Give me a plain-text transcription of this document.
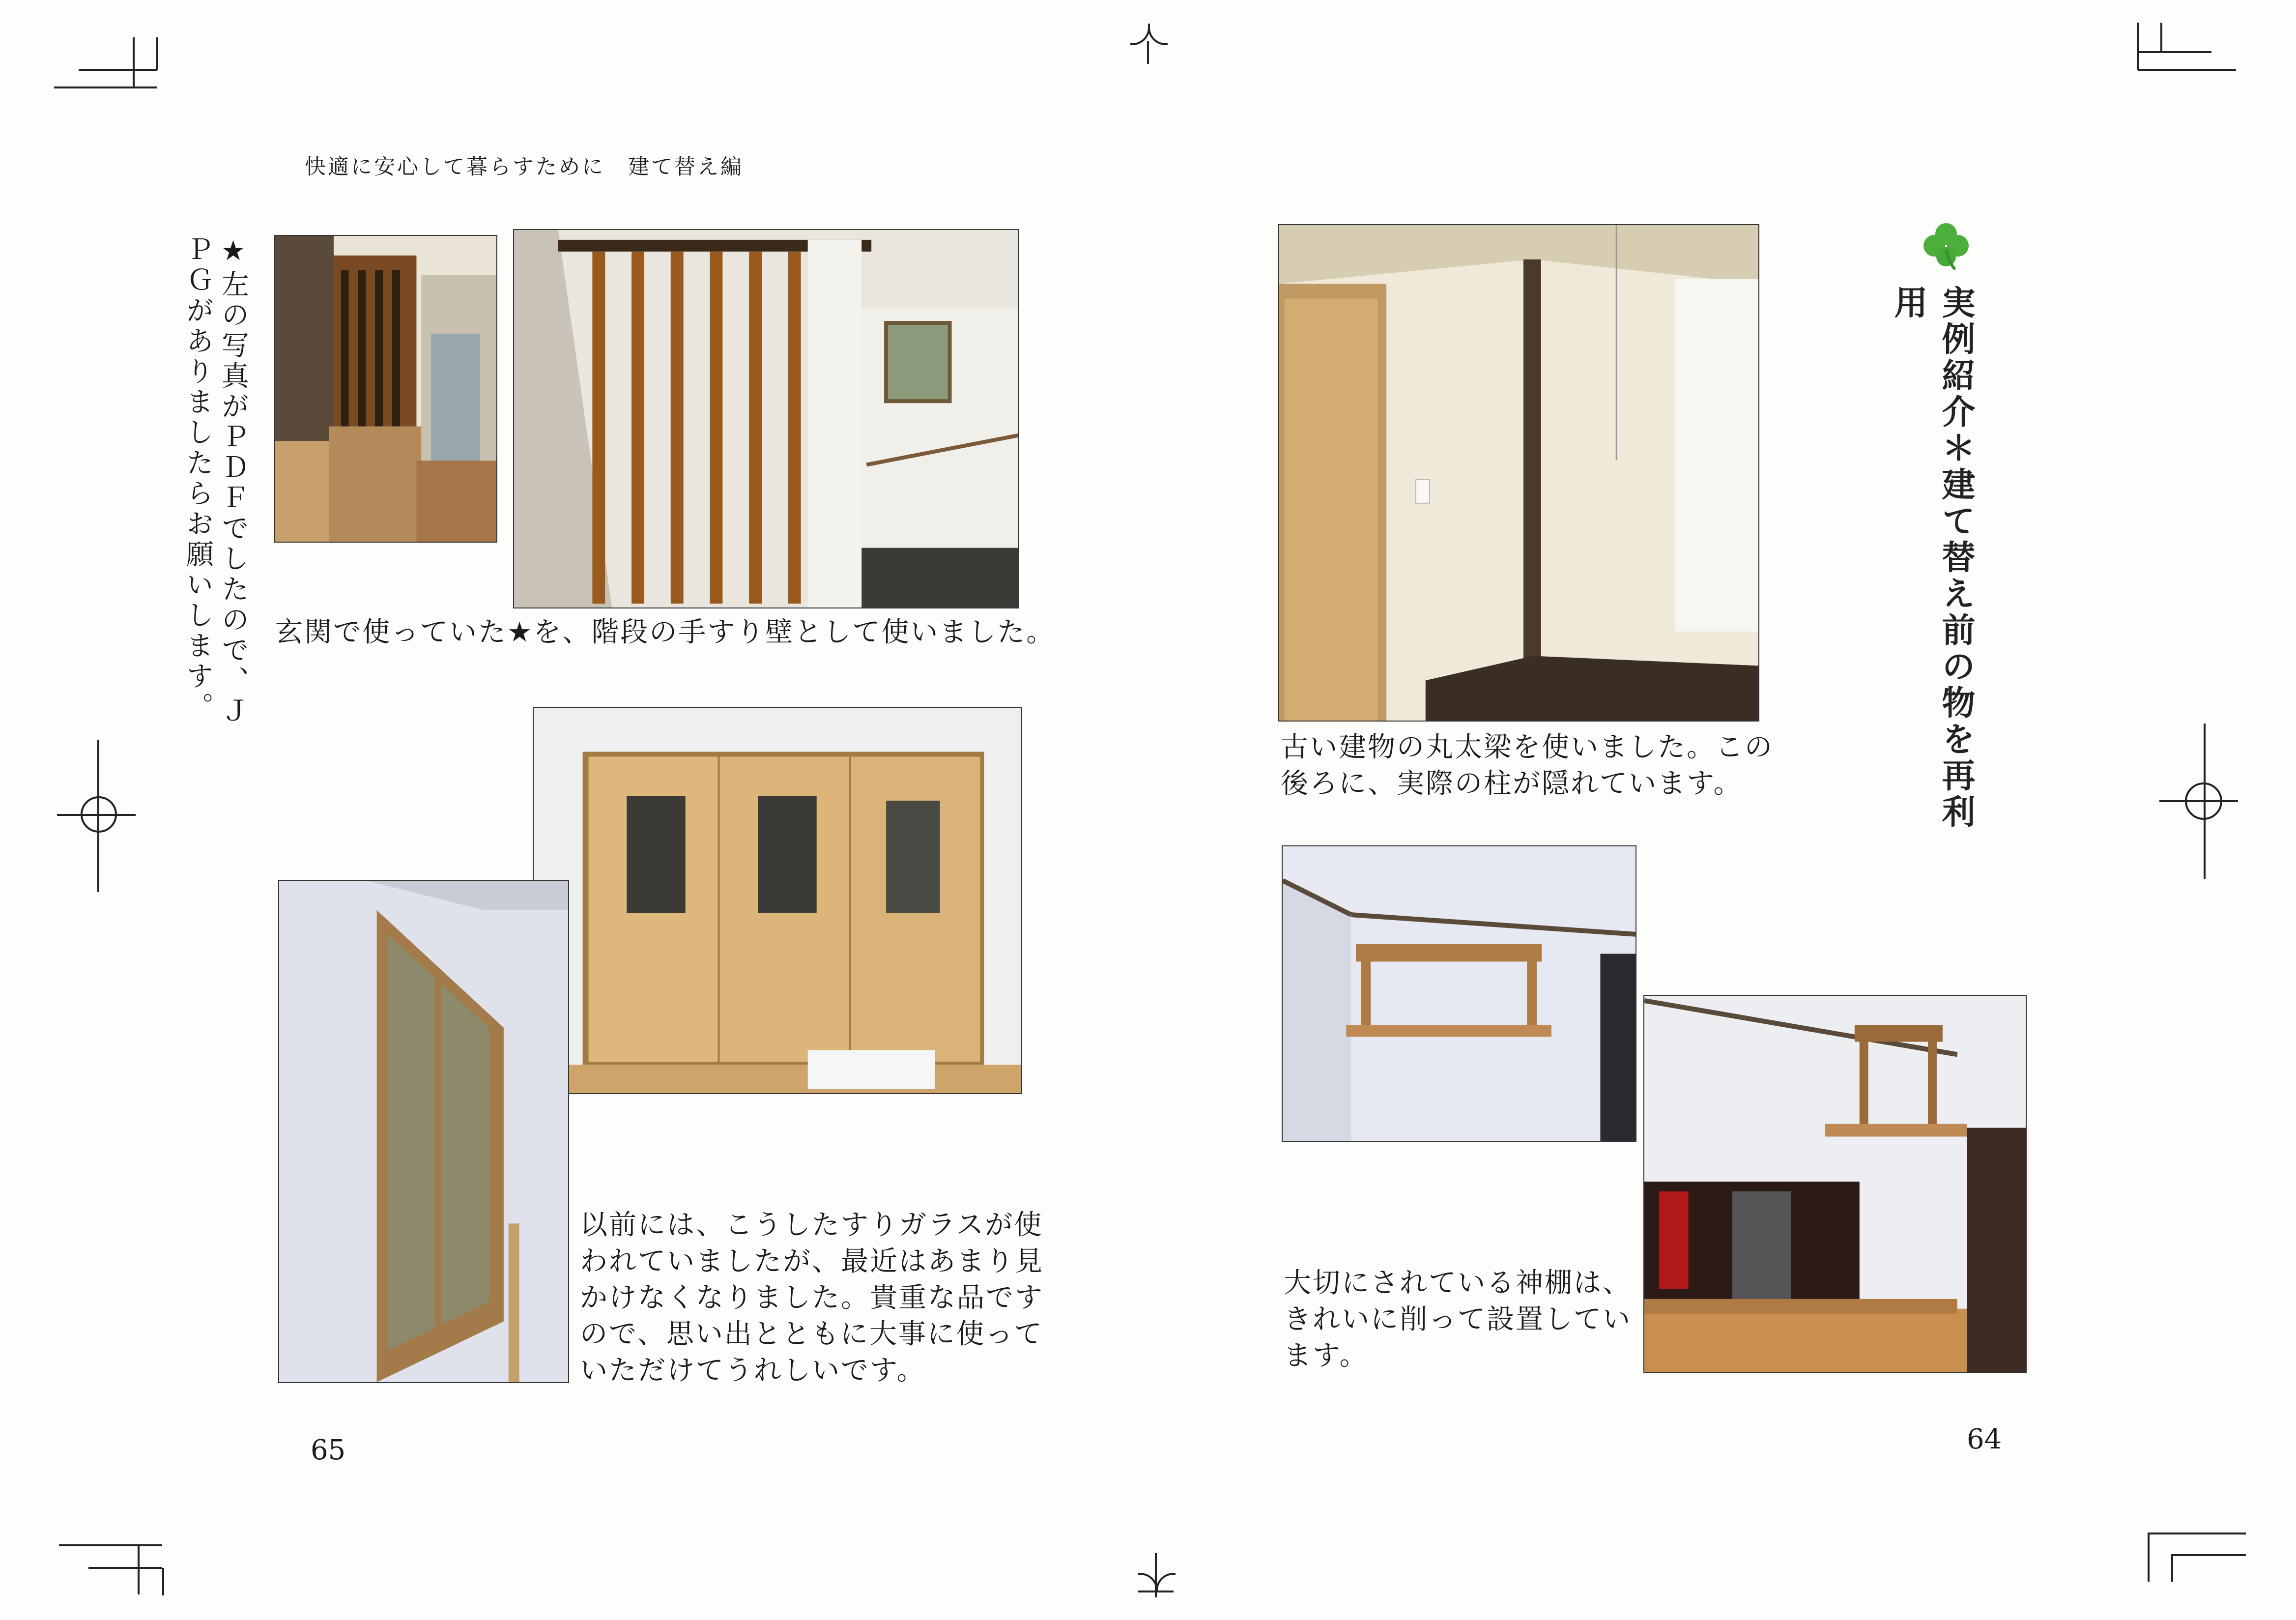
快適に安心して暮らすために　建て替え編
★左の写真がＰＤＦでしたので、ＪＰＧがありましたらお願いします。	玄関で使っていた★を、階段の手すり壁として使いました。
以前には、こうしたすりガラスが使
われていましたが、最近はあまり見
かけなくなりました。貴重な品です
ので、思い出とともに大事に使って
いただけてうれしいです。
65
実例紹介＊建て替え前の物を再利用
古い建物の丸太梁を使いました。この
後ろに、実際の柱が隠れています。
大切にされている神棚は、
きれいに削って設置してい
ます。
64
